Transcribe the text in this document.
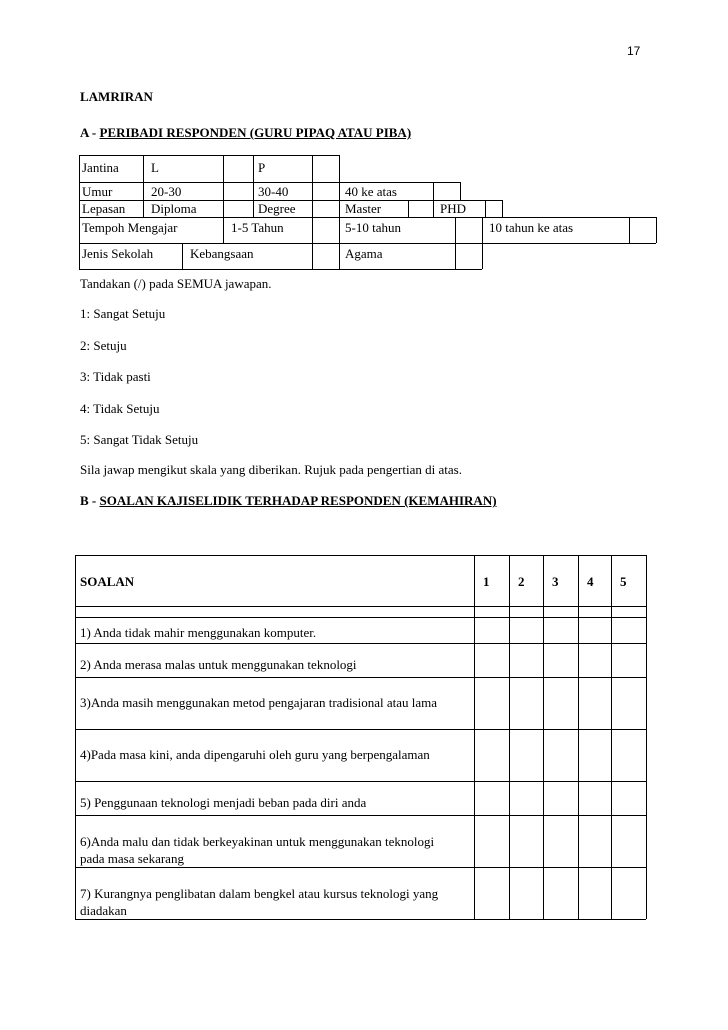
17
LAMRIRAN
A - PERIBADI RESPONDEN (GURU PIPAQ ATAU PIBA)
Jantina L	P
Umur	20-30	30-40	40 ke atas
Lepasan Diploma	Degree	Master	PHD
Tempoh Mengajar	1-5 Tahun	5-10 tahun	10 tahun ke atas
Jenis Sekolah	Kebangsaan	Agama
Tandakan (/) pada SEMUA jawapan.
1: Sangat Setuju
2: Setuju
3: Tidak pasti
4: Tidak Setuju
5: Sangat Tidak Setuju
Sila jawap mengikut skala yang diberikan. Rujuk pada pengertian di atas.
B - SOALAN KAJISELIDIK TERHADAP RESPONDEN (KEMAHIRAN)
SOALAN	1 2 3 4 5
1) Anda tidak mahir menggunakan komputer.
2) Anda merasa malas untuk menggunakan teknologi
3)Anda masih menggunakan metod pengajaran tradisional atau lama
4)Pada masa kini, anda dipengaruhi oleh guru yang berpengalaman
5) Penggunaan teknologi menjadi beban pada diri anda
6)Anda malu dan tidak berkeyakinan untuk menggunakan teknologi pada masa sekarang
7) Kurangnya penglibatan dalam bengkel atau kursus teknologi yang diadakan
